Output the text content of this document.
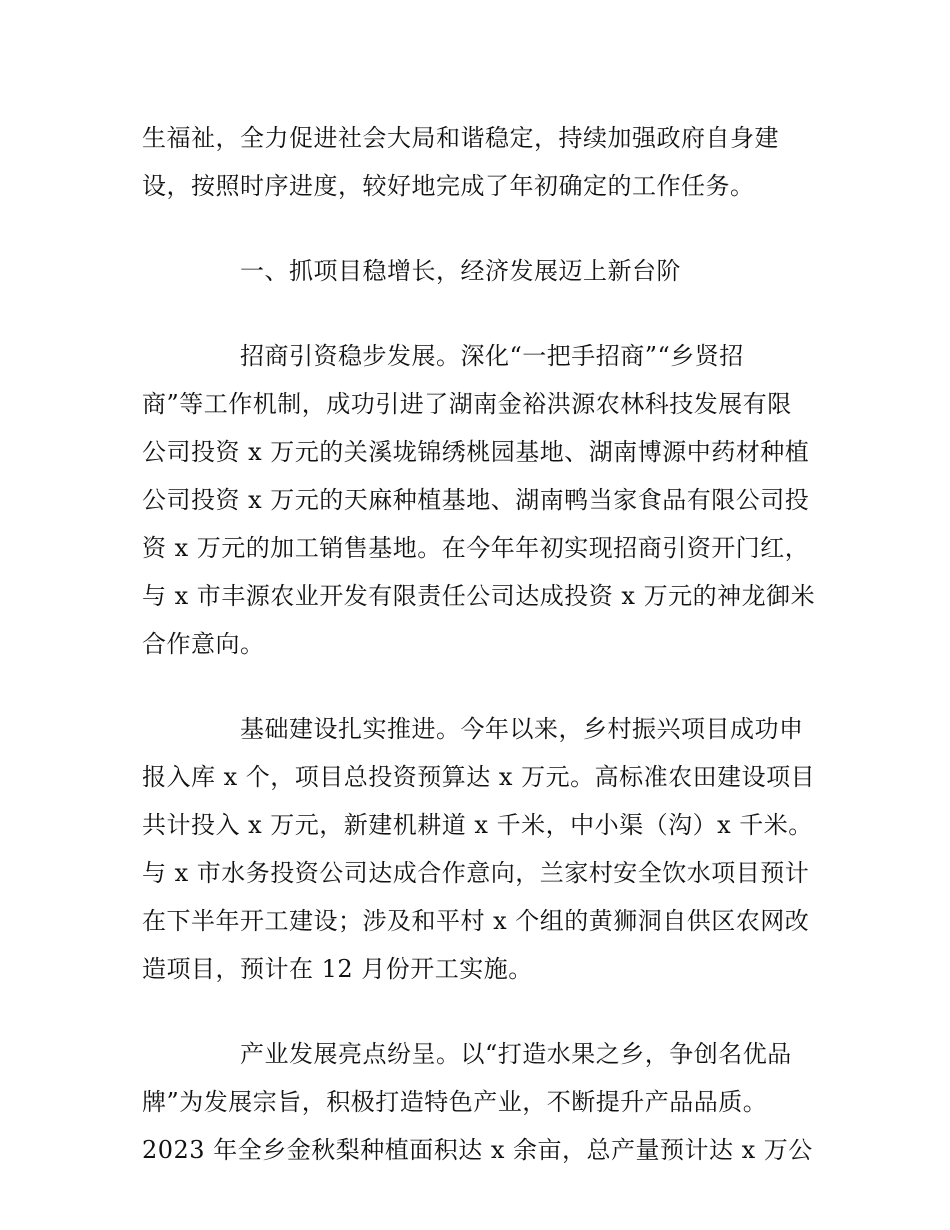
生福祉，全力促进社会大局和谐稳定，持续加强政府自身建
设，按照时序进度，较好地完成了年初确定的工作任务。
一、抓项目稳增长，经济发展迈上新台阶
招商引资稳步发展。深化“一把手招商”“乡贤招
商”等工作机制，成功引进了湖南金裕洪源农林科技发展有限
公司投资 x 万元的关溪垅锦绣桃园基地、湖南博源中药材种植
公司投资 x 万元的天麻种植基地、湖南鸭当家食品有限公司投
资 x 万元的加工销售基地。在今年年初实现招商引资开门红，
与 x 市丰源农业开发有限责任公司达成投资 x 万元的神龙御米
合作意向。
基础建设扎实推进。今年以来，乡村振兴项目成功申
报入库 x 个，项目总投资预算达 x 万元。高标准农田建设项目
共计投入 x 万元，新建机耕道 x 千米，中小渠（沟）x 千米。
与 x 市水务投资公司达成合作意向，兰家村安全饮水项目预计
在下半年开工建设；涉及和平村 x 个组的黄狮洞自供区农网改
造项目，预计在 12 月份开工实施。
产业发展亮点纷呈。以“打造水果之乡，争创名优品
牌”为发展宗旨，积极打造特色产业，不断提升产品品质。
2023 年全乡金秋梨种植面积达 x 余亩，总产量预计达 x 万公
